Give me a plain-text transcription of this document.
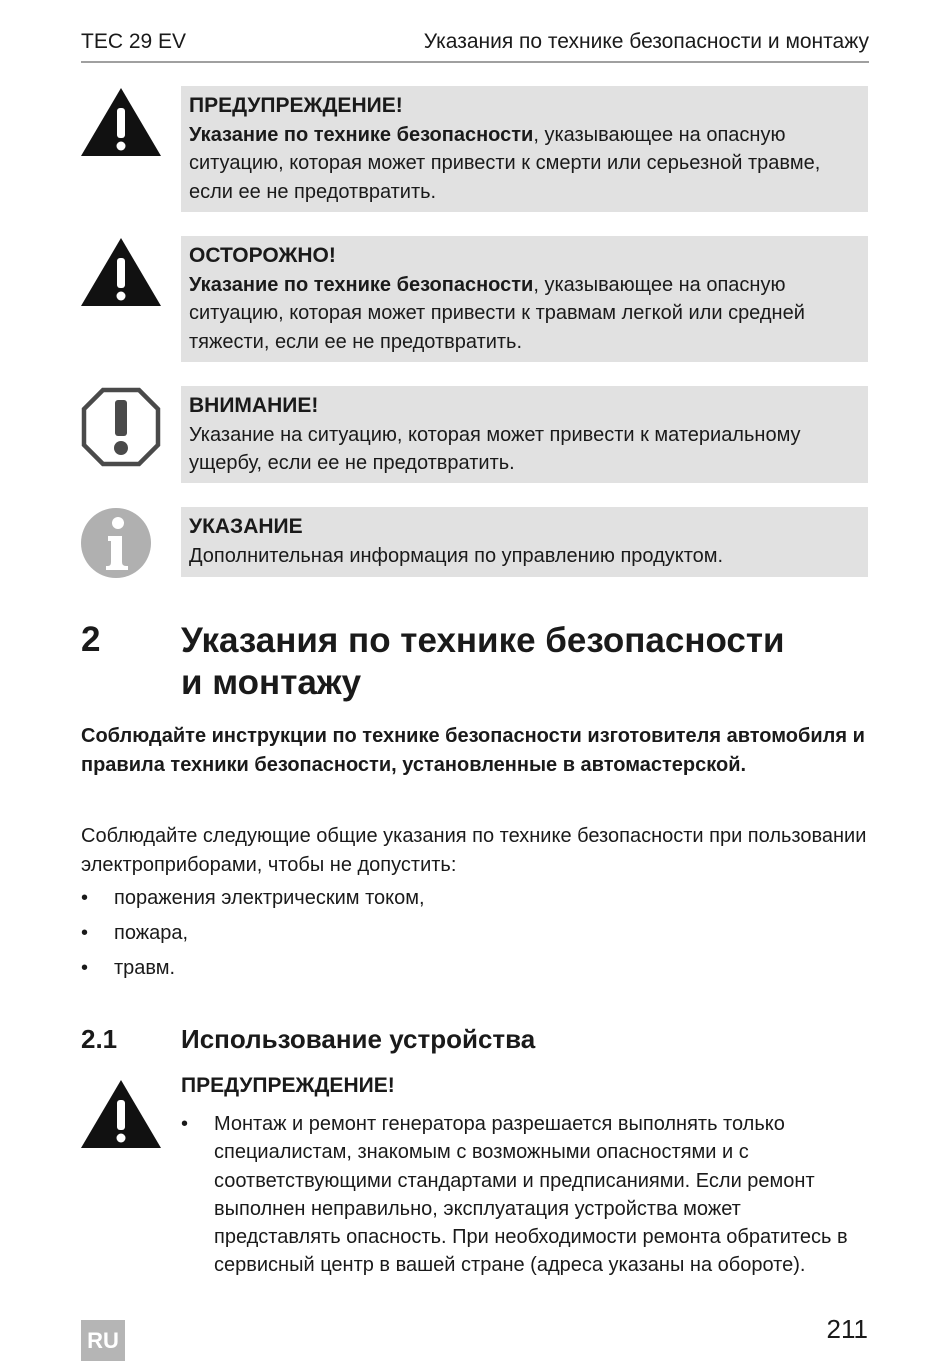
TEC 29 EV	Указания по технике безопасности и монтажу
ПРЕДУПРЕЖДЕНИЕ!
Указание по технике безопасности, указывающее на опасную ситуацию, которая может привести к смерти или серьезной травме, если ее не предотвратить.
ОСТОРОЖНО!
Указание по технике безопасности, указывающее на опасную ситуацию, которая может привести к травмам легкой или средней тяжести, если ее не предотвратить.
ВНИМАНИЕ!
Указание на ситуацию, которая может привести к материальному ущербу, если ее не предотвратить.
УКАЗАНИЕ
Дополнительная информация по управлению продуктом.
2 Указания по технике безопасности
и монтажу
Соблюдайте инструкции по технике безопасности изготовителя автомобиля и правила техники безопасности, установленные в автомастерской.
Соблюдайте следующие общие указания по технике безопасности при пользовании электроприборами, чтобы не допустить:
• поражения электрическим током,
• пожара,
• травм.
2.1 Использование устройства
ПРЕДУПРЕЖДЕНИЕ!
• Монтаж и ремонт генератора разрешается выполнять только специалистам, знакомым с возможными опасностями и с соответствующими стандартами и предписаниями. Если ремонт выполнен неправильно, эксплуатация устройства может представлять опасность. При необходимости ремонта обратитесь в сервисный центр в вашей стране (адреса указаны на обороте).
RU	211
